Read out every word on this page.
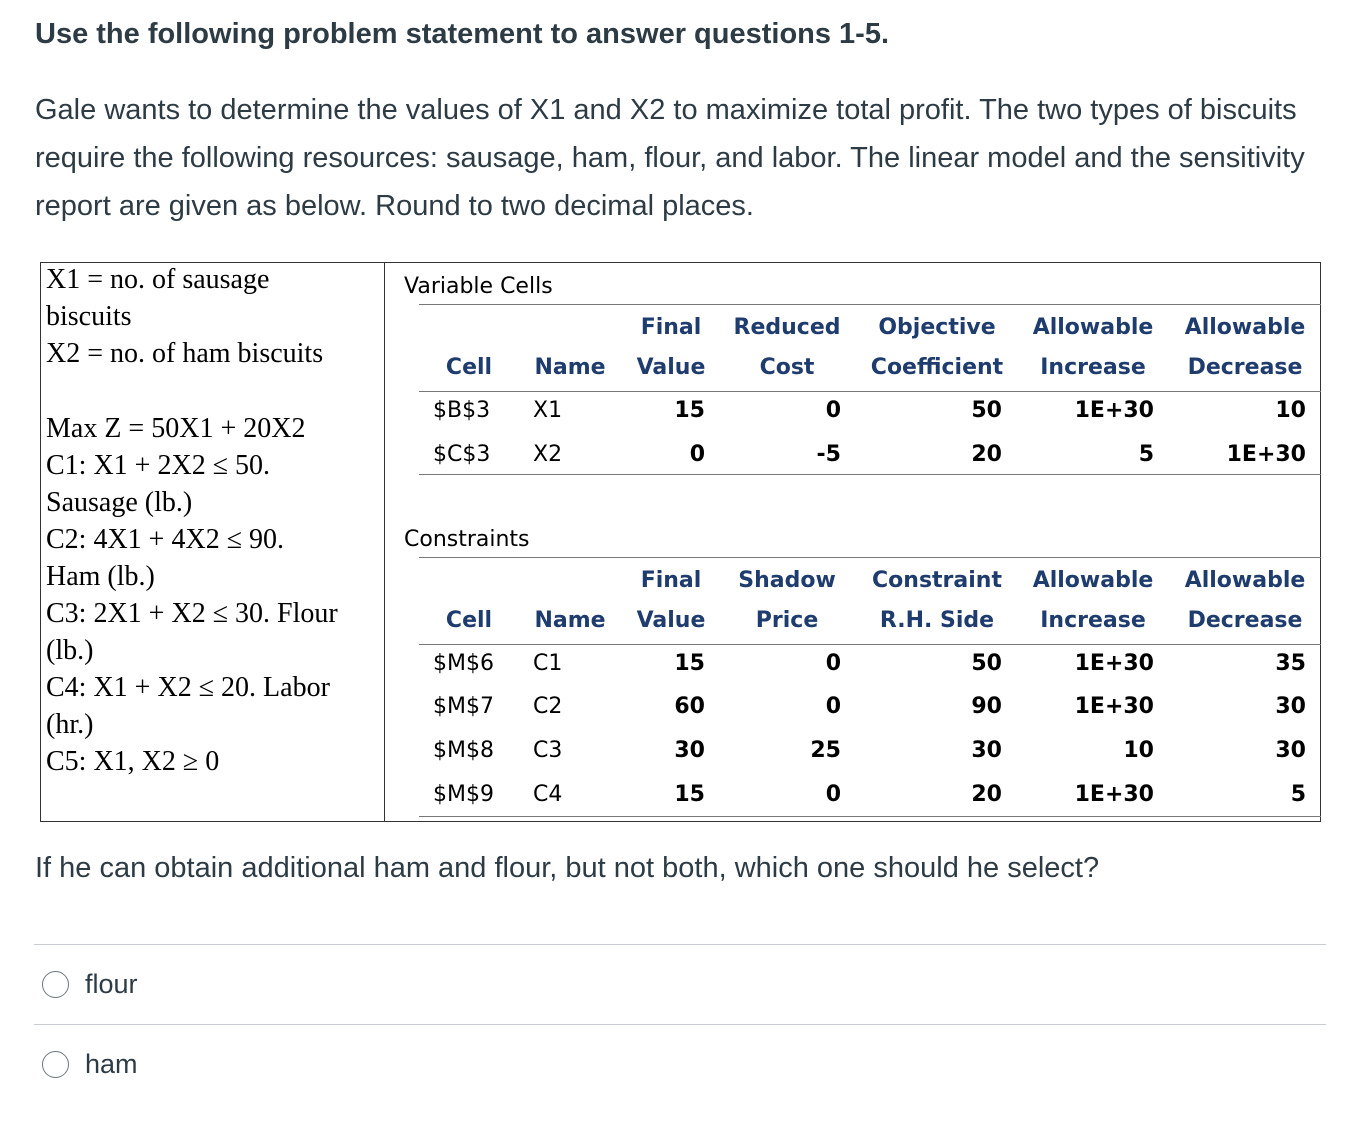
Use the following problem statement to answer questions 1-5.
Gale wants to determine the values of X1 and X2 to maximize total profit. The two types of biscuits require the following resources: sausage, ham, flour, and labor. The linear model and the sensitivity report are given as below. Round to two decimal places.
X1 = no. of sausage
biscuits
X2 = no. of ham biscuits
Max Z = 50X1 + 20X2
C1: X1 + 2X2 ≤ 50.
Sausage (lb.)
C2: 4X1 + 4X2 ≤ 90.
Ham (lb.)
C3: 2X1 + X2 ≤ 30. Flour
(lb.)
C4: X1 + X2 ≤ 20. Labor
(hr.)
C5: X1, X2 ≥ 0
Variable Cells
Constraints
Final Reduced Objective Allowable Allowable
Cell Name Value Cost	Coefficient Increase Decrease
$B$3 X1	15	0	50	1E+30	10
$C$3 X2	0	-5	20	5	1E+30
Final Shadow Constraint Allowable Allowable
Cell Name Value Price	R.H. Side Increase Decrease
$M$6 C1	15	0	50	1E+30	35
$M$7 C2	60	0	90	1E+30	30
$M$8 C3	30	25	30	10	30
$M$9 C4	15	0	20	1E+30	5
If he can obtain additional ham and flour, but not both, which one should he select?
flour
ham
